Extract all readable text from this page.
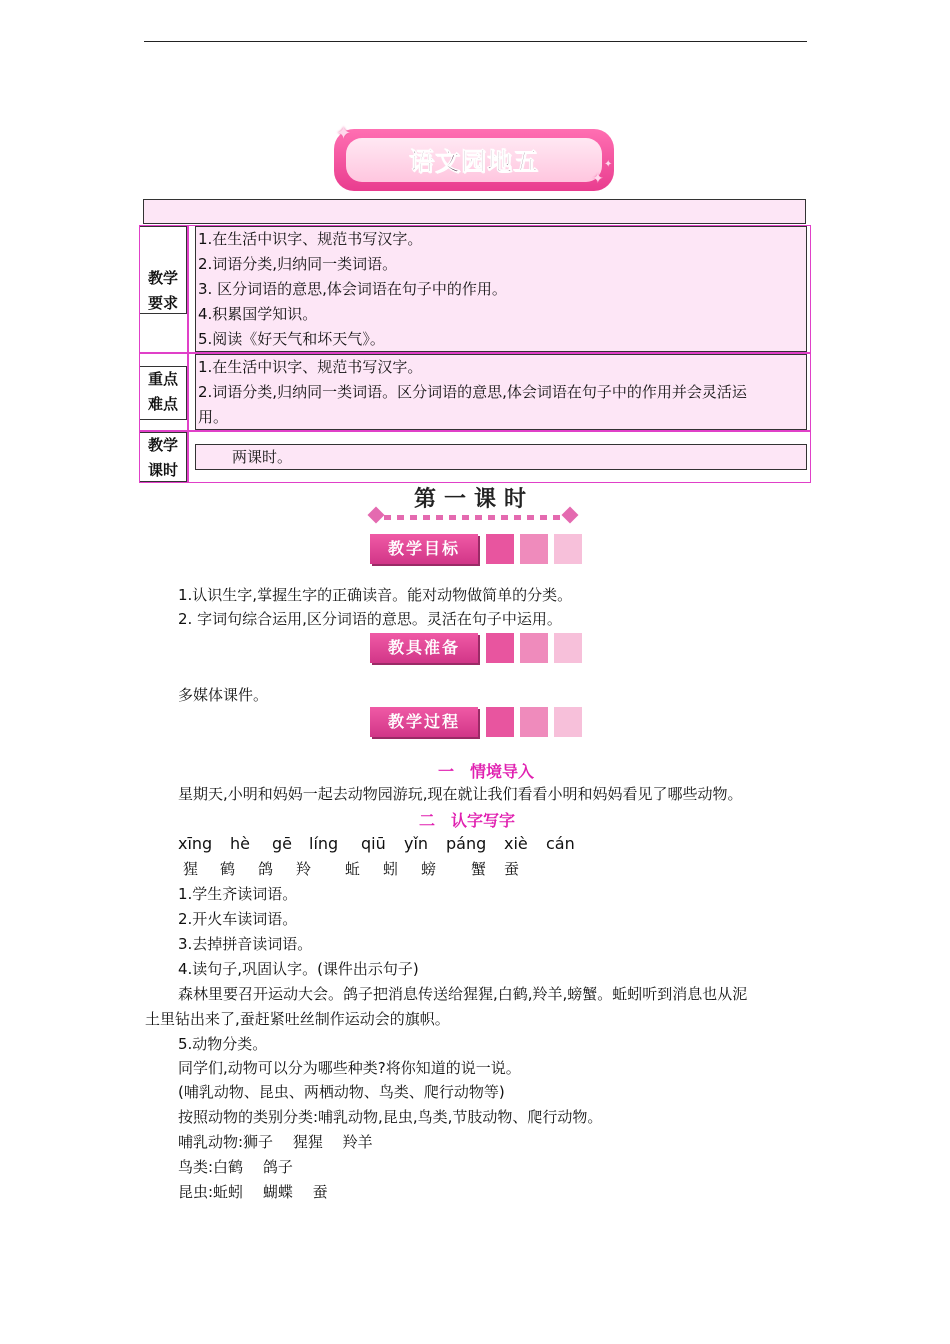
语文园地五
✦
✦
✦
教学
要求
1.在生活中识字、规范书写汉字。
2.词语分类,归纳同一类词语。
3. 区分词语的意思,体会词语在句子中的作用。
4.积累国学知识。
5.阅读《好天气和坏天气》。
重点
难点
1.在生活中识字、规范书写汉字。
2.词语分类,归纳同一类词语。区分词语的意思,体会词语在句子中的作用并会灵活运
用。
教学
课时
两课时。
第一课时
教学目标
1.认识生字,掌握生字的正确读音。能对动物做简单的分类。
2. 字词句综合运用,区分词语的意思。灵活在句子中运用。
教具准备
多媒体课件。
教学过程
一　情境导入
星期天,小明和妈妈一起去动物园游玩,现在就让我们看看小明和妈妈看见了哪些动物。
二　认字写字
xīng hè gē líng qiū yǐn páng xiè cán
猩 鹤 鸽 羚 蚯 蚓 螃 蟹 蚕
1.学生齐读词语。
2.开火车读词语。
3.去掉拼音读词语。
4.读句子,巩固认字。(课件出示句子)
森林里要召开运动大会。鸽子把消息传送给猩猩,白鹤,羚羊,螃蟹。蚯蚓听到消息也从泥
土里钻出来了,蚕赶紧吐丝制作运动会的旗帜。
5.动物分类。
同学们,动物可以分为哪些种类?将你知道的说一说。
(哺乳动物、昆虫、两栖动物、鸟类、爬行动物等)
按照动物的类别分类:哺乳动物,昆虫,鸟类,节肢动物、爬行动物。
哺乳动物:狮子　 猩猩　 羚羊
鸟类:白鹤　 鸽子
昆虫:蚯蚓　 蝴蝶　 蚕
